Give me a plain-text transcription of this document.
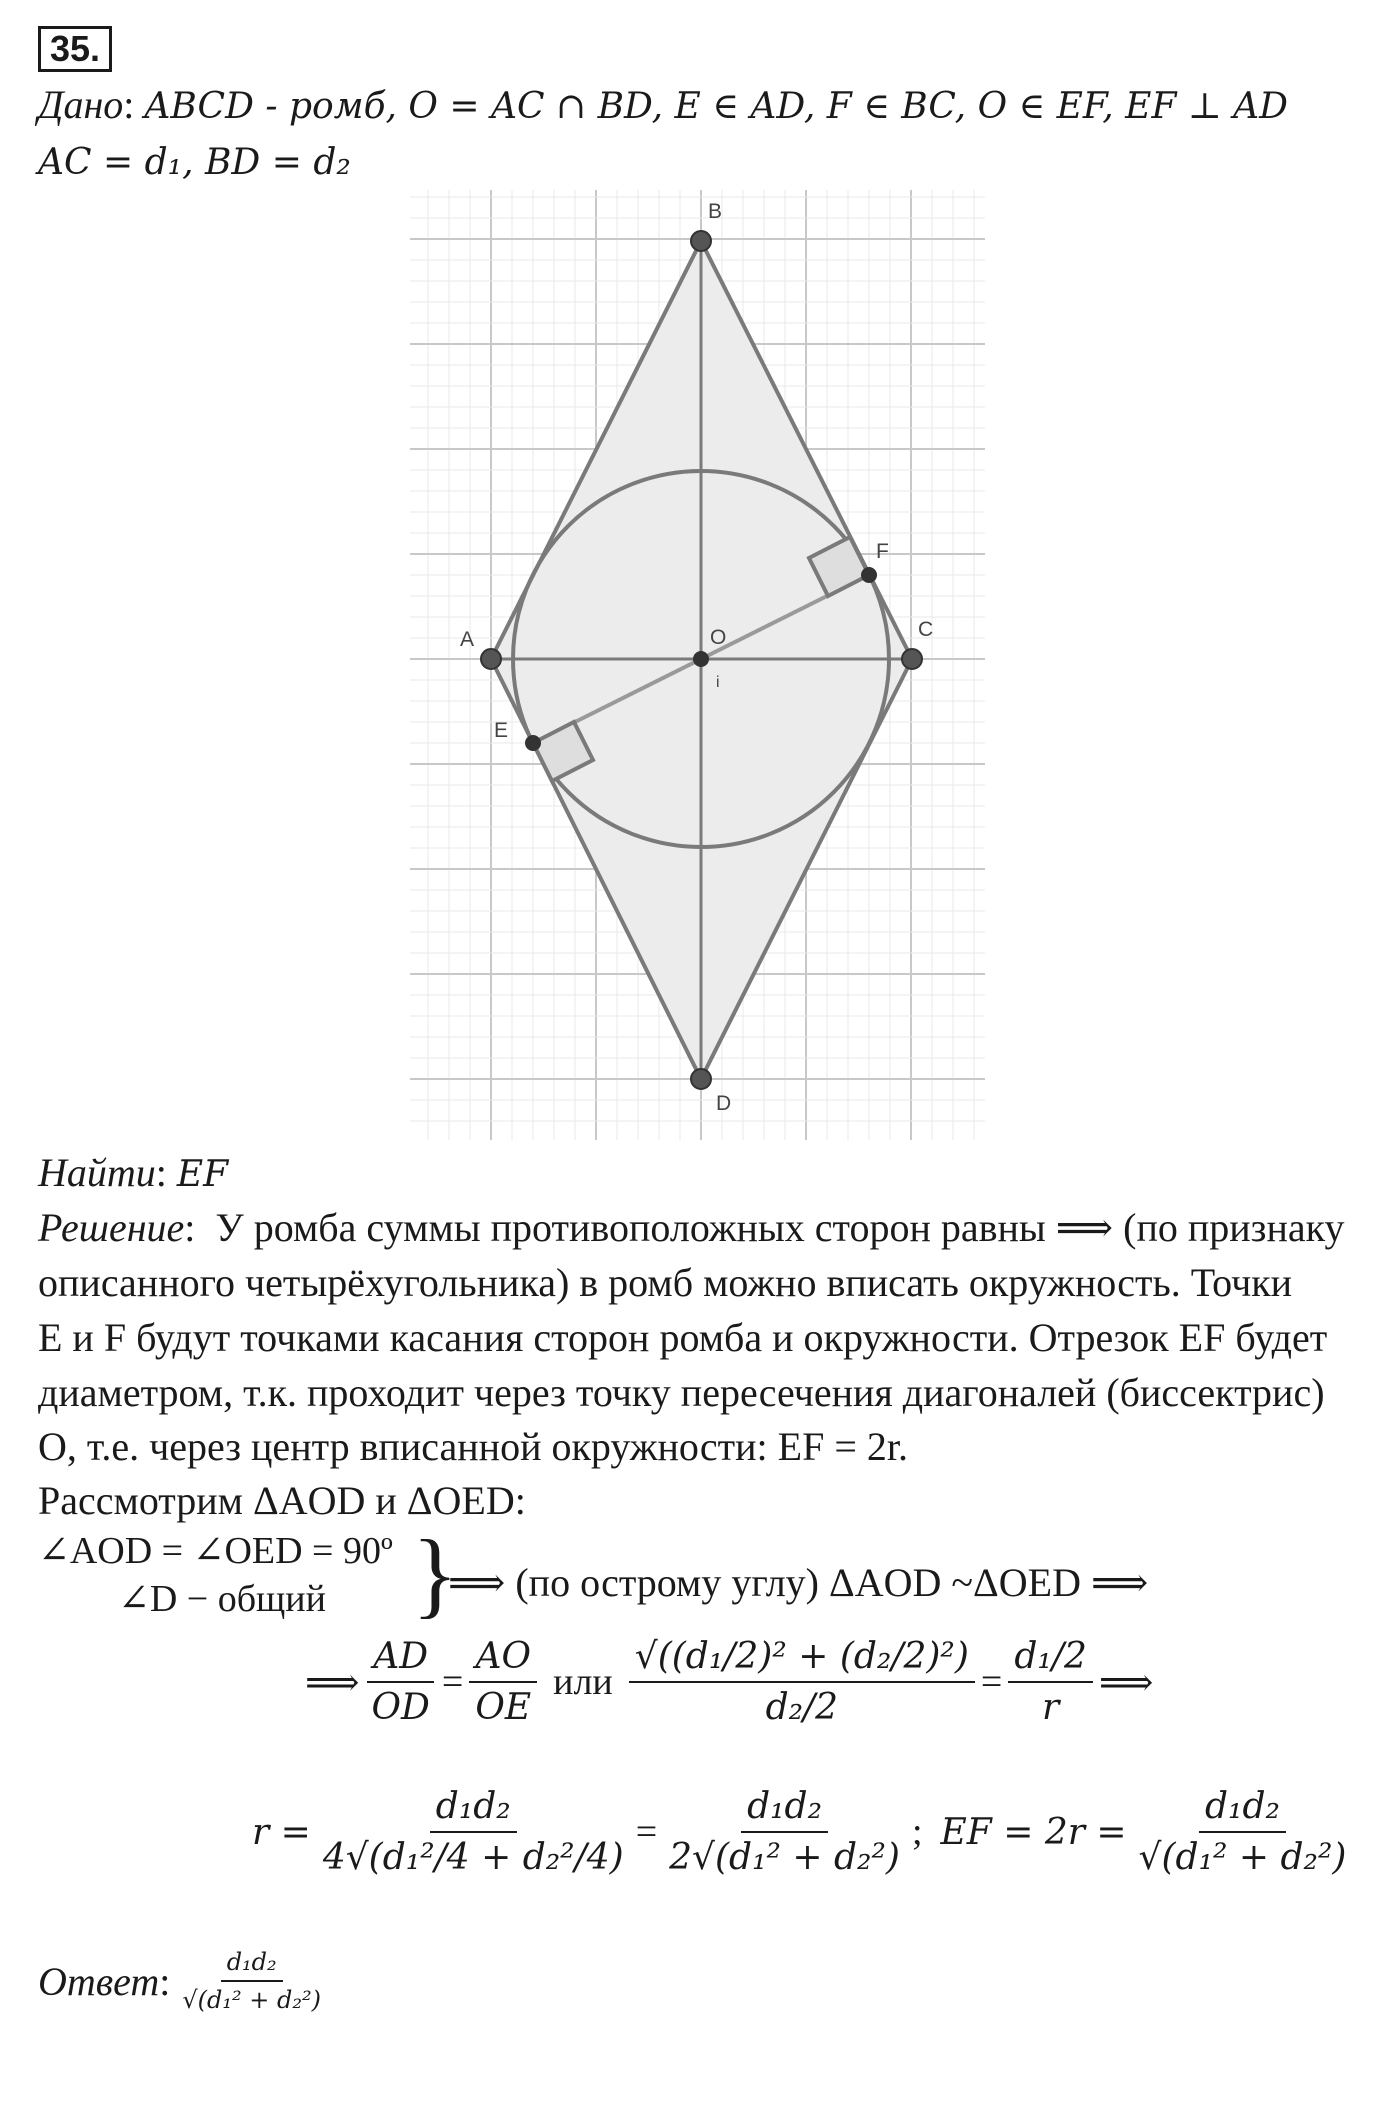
35.
Дано: ABCD - ромб, O = AC ∩ BD, E ∈ AD, F ∈ BC, O ∈ EF, EF ⊥ AD
AC = d₁, BD = d₂
B
A	C
D
O
i
E
F
Найти: EF
Решение:  У ромба суммы противоположных сторон равны ⟹ (по признаку
описанного четырёхугольника) в ромб можно вписать окружность. Точки
E и F будут точками касания сторон ромба и окружности. Отрезок EF будет
диаметром, т.к. проходит через точку пересечения диагоналей (биссектрис)
O, т.е. через центр вписанной окружности: EF = 2r.
Рассмотрим ΔAOD и ΔOED:
∠AOD = ∠OED = 90º
∠D − общий }
⟹ (по острому углу) ΔAOD ~ΔOED ⟹
⟹ $\frac{AD}{OD} = \frac{AO}{OE}$ или $\frac{\text{√((d₁/2)² + (d₂/2)²)}}{\text{d₂/2}} = \frac{\text{d₁/2}}{r}$ ⟹
$r = \frac{\text{d₁d₂}}{\text{4√(d₁²/4 + d₂²/4)}} = \frac{\text{d₁d₂}}{\text{2√(d₁² + d₂²)}}$ ; EF = $2r = \frac{\text{d₁d₂}}{\text{√(d₁² + d₂²)}}$
Ответ : $\frac{\text{d₁d₂}}{\text{√(d₁² + d₂²)}}$
